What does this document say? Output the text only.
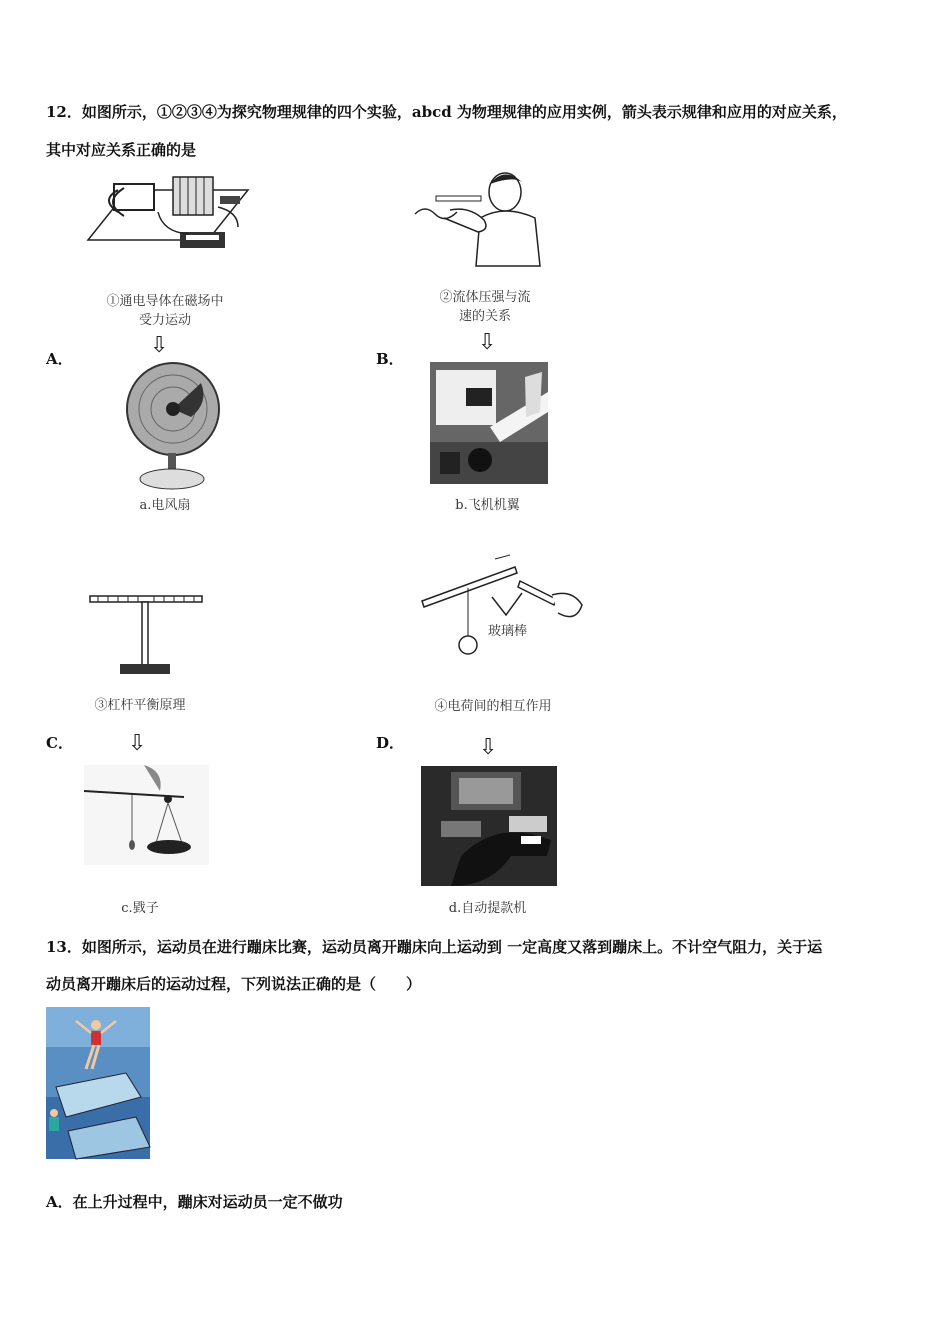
12．如图所示，①②③④为探究物理规律的四个实验，abcd 为物理规律的应用实例，箭头表示规律和应用的对应关系，
其中对应关系正确的是
①通电导体在磁场中
受力运动
②流体压强与流
速的关系
A．	B．
⇩	⇩
a.电风扇	b.飞机机翼
③杠杆平衡原理
玻璃棒
④电荷间的相互作用
C．	D．
⇩	⇩
c.戥子	d.自动提款机
13．如图所示，运动员在进行蹦床比赛，运动员离开蹦床向上运动到 一定高度又落到蹦床上。不计空气阻力，关于运
动员离开蹦床后的运动过程，下列说法正确的是（　　）
A．在上升过程中，蹦床对运动员一定不做功
